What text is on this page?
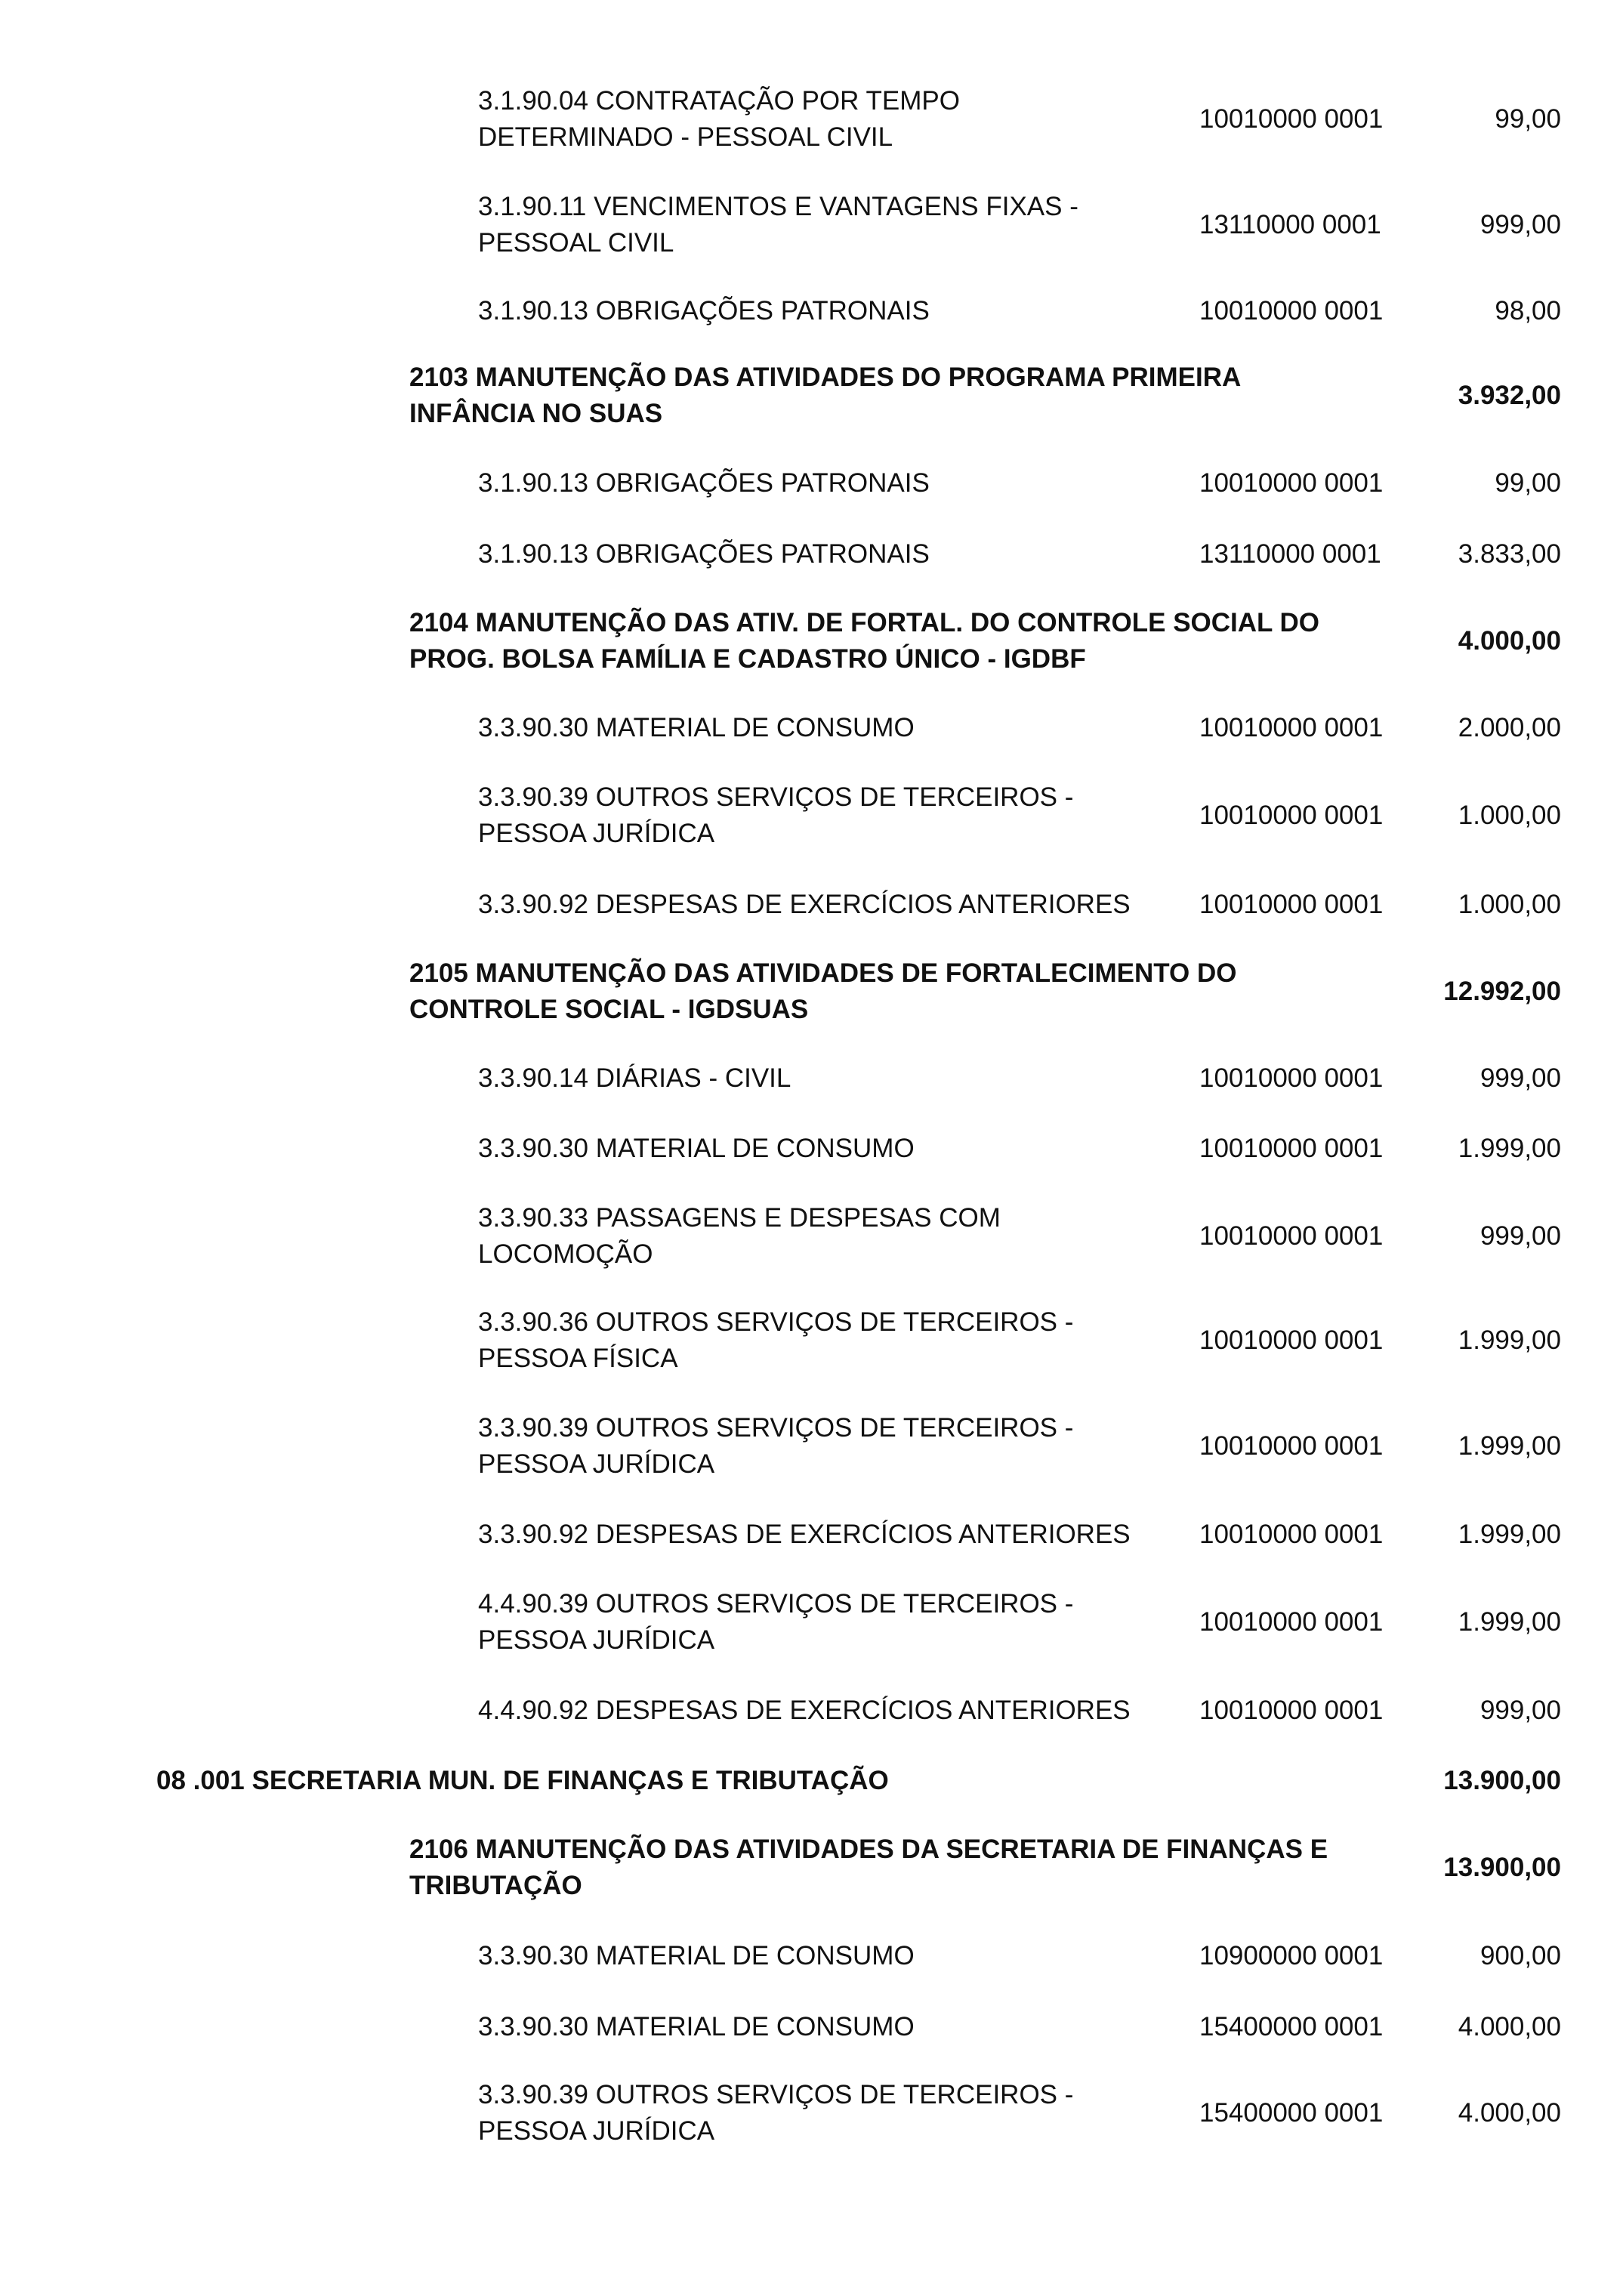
3.1.90.04 CONTRATAÇÃO POR TEMPO
DETERMINADO - PESSOAL CIVIL
10010000 0001	99,00
3.1.90.11 VENCIMENTOS E VANTAGENS FIXAS -
PESSOAL CIVIL
13110000 0001	999,00
3.1.90.13 OBRIGAÇÕES PATRONAIS	10010000 0001	98,00
2103 MANUTENÇÃO DAS ATIVIDADES DO PROGRAMA PRIMEIRA
INFÂNCIA NO SUAS
3.932,00
3.1.90.13 OBRIGAÇÕES PATRONAIS	10010000 0001	99,00
3.1.90.13 OBRIGAÇÕES PATRONAIS	13110000 0001	3.833,00
2104 MANUTENÇÃO DAS ATIV. DE FORTAL. DO CONTROLE SOCIAL DO
PROG. BOLSA FAMÍLIA E CADASTRO ÚNICO - IGDBF
4.000,00
3.3.90.30 MATERIAL DE CONSUMO	10010000 0001	2.000,00
3.3.90.39 OUTROS SERVIÇOS DE TERCEIROS -
PESSOA JURÍDICA
10010000 0001	1.000,00
3.3.90.92 DESPESAS DE EXERCÍCIOS ANTERIORES	10010000 0001	1.000,00
2105 MANUTENÇÃO DAS ATIVIDADES DE FORTALECIMENTO DO
CONTROLE SOCIAL - IGDSUAS
12.992,00
3.3.90.14 DIÁRIAS - CIVIL	10010000 0001	999,00
3.3.90.30 MATERIAL DE CONSUMO	10010000 0001	1.999,00
3.3.90.33 PASSAGENS E DESPESAS COM
LOCOMOÇÃO
10010000 0001	999,00
3.3.90.36 OUTROS SERVIÇOS DE TERCEIROS -
PESSOA FÍSICA
10010000 0001	1.999,00
3.3.90.39 OUTROS SERVIÇOS DE TERCEIROS -
PESSOA JURÍDICA
10010000 0001	1.999,00
3.3.90.92 DESPESAS DE EXERCÍCIOS ANTERIORES	10010000 0001	1.999,00
4.4.90.39 OUTROS SERVIÇOS DE TERCEIROS -
PESSOA JURÍDICA
10010000 0001	1.999,00
4.4.90.92 DESPESAS DE EXERCÍCIOS ANTERIORES	10010000 0001	999,00
08 .001 SECRETARIA MUN. DE FINANÇAS E TRIBUTAÇÃO	13.900,00
2106 MANUTENÇÃO DAS ATIVIDADES DA SECRETARIA DE FINANÇAS E
TRIBUTAÇÃO
13.900,00
3.3.90.30 MATERIAL DE CONSUMO	10900000 0001	900,00
3.3.90.30 MATERIAL DE CONSUMO	15400000 0001	4.000,00
3.3.90.39 OUTROS SERVIÇOS DE TERCEIROS -
PESSOA JURÍDICA
15400000 0001	4.000,00
